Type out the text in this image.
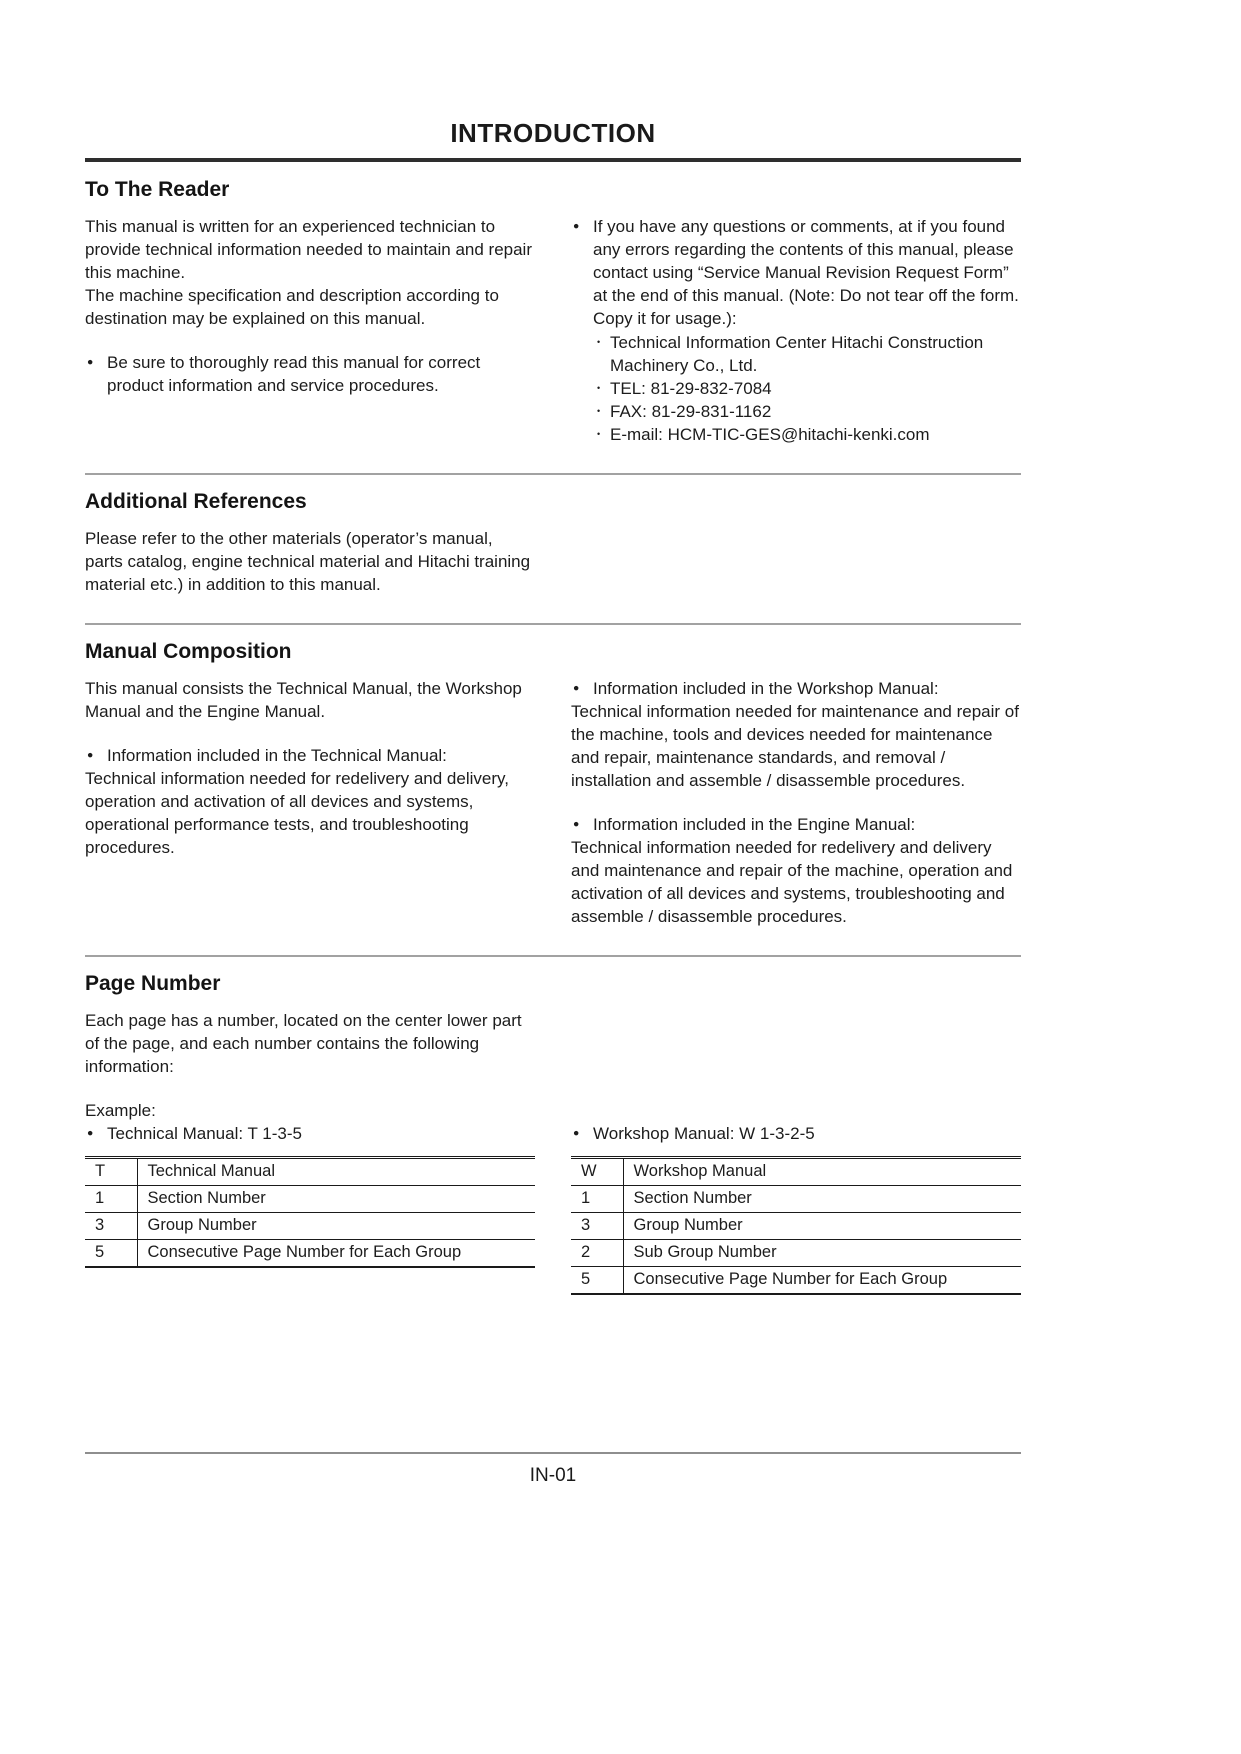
INTRODUCTION
To The Reader

This manual is written for an experienced technician to provide technical information needed to maintain and repair this machine.

The machine specification and description according to destination may be explained on this manual.

●
Be sure to thoroughly read this manual for correct product information and service procedures.
●
If you have any questions or comments, at if you found any errors regarding the contents of this manual, please contact using “Service Manual Revision Request Form” at the end of this manual. (Note: Do not tear off the form. Copy it for usage.):
•
Technical Information Center Hitachi Construction Machinery Co., Ltd.
•
TEL: 81-29-832-7084
•
FAX: 81-29-831-1162
•
E-mail: HCM-TIC-GES@hitachi-kenki.com
Additional References

Please refer to the other materials (operator’s manual, parts catalog, engine technical material and Hitachi training material etc.) in addition to this manual.

Manual Composition

This manual consists the Technical Manual, the Workshop Manual and the Engine Manual.

●
Information included in the Technical Manual:

Technical information needed for redelivery and delivery, operation and activation of all devices and systems, operational performance tests, and troubleshooting procedures.

●
Information included in the Workshop Manual:

Technical information needed for maintenance and repair of the machine, tools and devices needed for maintenance and repair, maintenance standards, and removal / installation and assemble / disassemble procedures.

●
Information included in the Engine Manual:

Technical information needed for redelivery and delivery and maintenance and repair of the machine, operation and activation of all devices and systems, troubleshooting and assemble / disassemble procedures.

Page Number

Each page has a number, located on the center lower part of the page, and each number contains the following information:

Example:

●
Technical Manual: T 1-3-5
T	Technical Manual
1	Section Number
3	Group Number
5	Consecutive Page Number for Each Group
●
Workshop Manual: W 1-3-2-5
W	Workshop Manual
1	Section Number
3	Group Number
2	Sub Group Number
5	Consecutive Page Number for Each Group
IN-01
